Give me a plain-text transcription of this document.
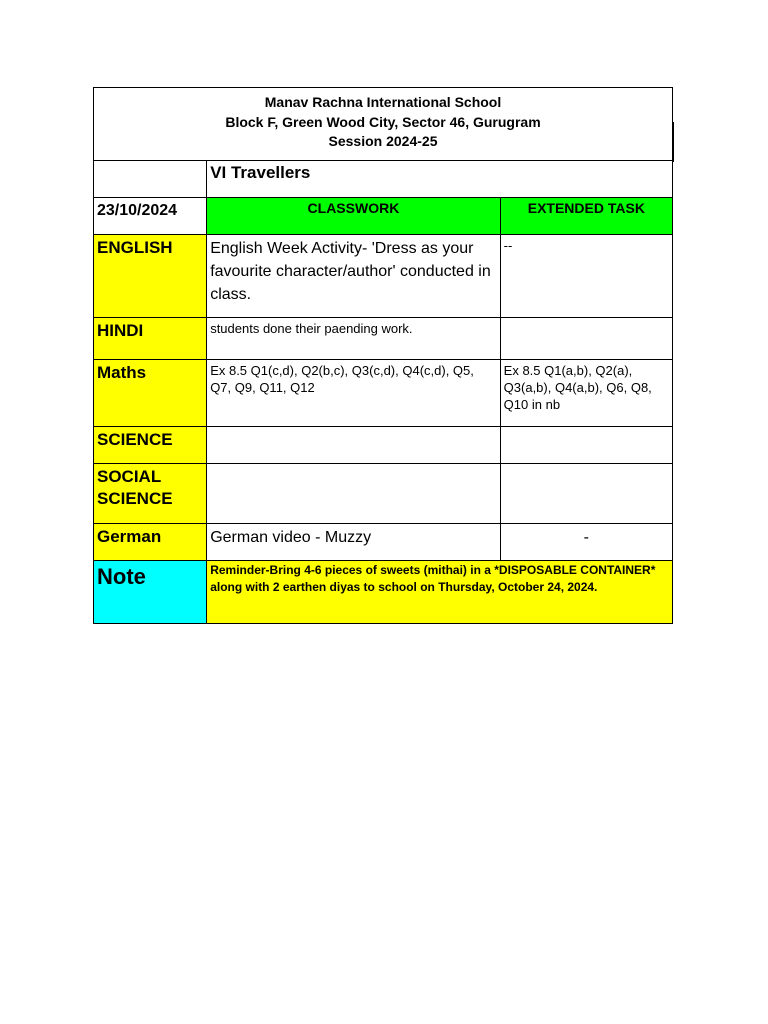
Manav Rachna International School
Block F, Green Wood City, Sector 46, Gurugram
Session 2024-25		

	VI Travellers	
23/10/2024	CLASSWORK	EXTENDED TASK
ENGLISH	English Week Activity- 'Dress as your favourite character/author' conducted in class.	--
HINDI	students done their paending work.	
Maths	Ex 8.5 Q1(c,d), Q2(b,c), Q3(c,d), Q4(c,d), Q5, Q7, Q9, Q11, Q12	Ex 8.5 Q1(a,b), Q2(a), Q3(a,b), Q4(a,b), Q6, Q8, Q10 in nb
SCIENCE		
SOCIAL SCIENCE		
German	German video - Muzzy	-
Note	Reminder-Bring 4-6 pieces of sweets (mithai) in a *DISPOSABLE CONTAINER* along with 2 earthen diyas to school on Thursday, October 24, 2024.	
